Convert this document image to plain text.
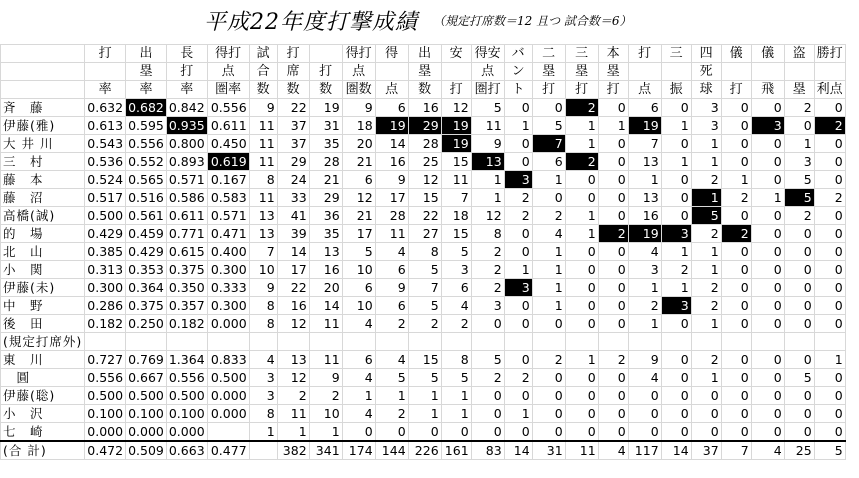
平成22年度打撃成績 （規定打席数＝12 且つ 試合数＝6）
	打	出	長	得打	試	打		得打	得	出	安	得安	バ	二	三	本	打	三	四	儀	儀	盗	勝打
		塁	打	点	合	席	打	点		塁		点	ン	塁	塁	塁			死				
	率	率	率	圏率	数	数	数	圏数	点	数	打	圏打	ト	打	打	打	点	振	球	打	飛	塁	利点
斉　藤	0.632	0.682	0.842	0.556	9	22	19	9	6	16	12	5	0	0	2	0	6	0	3	0	0	2	0
伊藤(雅)	0.613	0.595	0.935	0.611	11	37	31	18	19	29	19	11	1	5	1	1	19	1	3	0	3	0	2
大 井 川	0.543	0.556	0.800	0.450	11	37	35	20	14	28	19	9	0	7	1	0	7	0	1	0	0	1	0
三　村	0.536	0.552	0.893	0.619	11	29	28	21	16	25	15	13	0	6	2	0	13	1	1	0	0	3	0
藤　本	0.524	0.565	0.571	0.167	8	24	21	6	9	12	11	1	3	1	0	0	1	0	2	1	0	5	0
藤　沼	0.517	0.516	0.586	0.583	11	33	29	12	17	15	7	1	2	0	0	0	13	0	1	2	1	5	2
高橋(誠)	0.500	0.561	0.611	0.571	13	41	36	21	28	22	18	12	2	2	1	0	16	0	5	0	0	2	0
的　場	0.429	0.459	0.771	0.471	13	39	35	17	11	27	15	8	0	4	1	2	19	3	2	2	0	0	0
北　山	0.385	0.429	0.615	0.400	7	14	13	5	4	8	5	2	0	1	0	0	4	1	1	0	0	0	0
小　関	0.313	0.353	0.375	0.300	10	17	16	10	6	5	3	2	1	1	0	0	3	2	1	0	0	0	0
伊藤(未)	0.300	0.364	0.350	0.333	9	22	20	6	9	7	6	2	3	1	0	0	1	1	2	0	0	0	0
中　野	0.286	0.375	0.357	0.300	8	16	14	10	6	5	4	3	0	1	0	0	2	3	2	0	0	0	0
後　田	0.182	0.250	0.182	0.000	8	12	11	4	2	2	2	0	0	0	0	0	1	0	1	0	0	0	0
(規定打席外)																							
東　川	0.727	0.769	1.364	0.833	4	13	11	6	4	15	8	5	0	2	1	2	9	0	2	0	0	0	1
　圓	0.556	0.667	0.556	0.500	3	12	9	4	5	5	5	2	2	0	0	0	4	0	1	0	0	5	0
伊藤(聡)	0.500	0.500	0.500	0.000	3	2	2	1	1	1	1	0	0	0	0	0	0	0	0	0	0	0	0
小　沢	0.100	0.100	0.100	0.000	8	11	10	4	2	1	1	0	1	0	0	0	0	0	0	0	0	0	0
七　崎	0.000	0.000	0.000		1	1	1	0	0	0	0	0	0	0	0	0	0	0	0	0	0	0	0
(合 計)	0.472	0.509	0.663	0.477		382	341	174	144	226	161	83	14	31	11	4	117	14	37	7	4	25	5
